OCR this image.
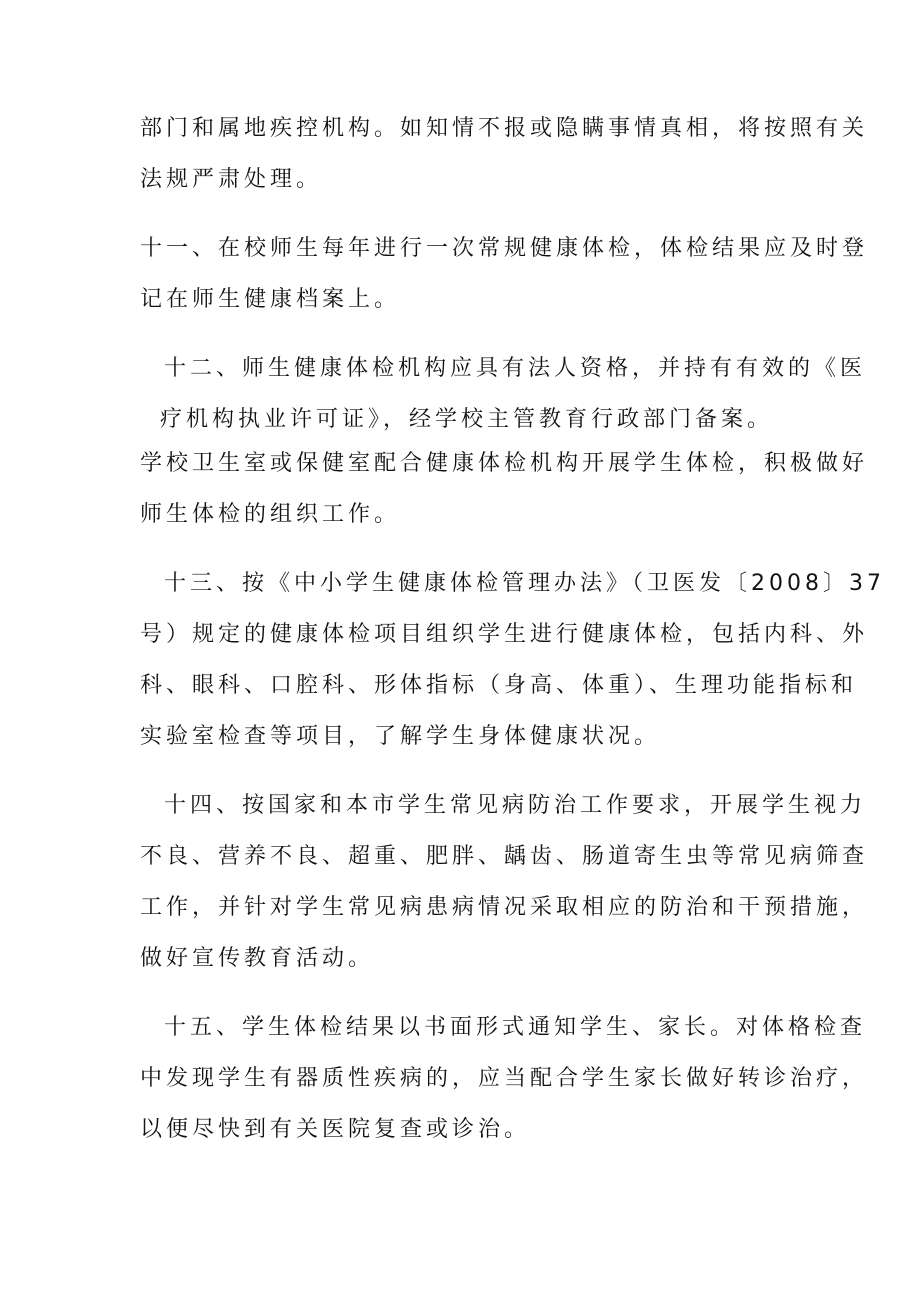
部门和属地疾控机构。如知情不报或隐瞒事情真相，将按照有关
法规严肃处理。
十一、在校师生每年进行一次常规健康体检，体检结果应及时登
记在师生健康档案上。
十二、师生健康体检机构应具有法人资格，并持有有效的《医
疗机构执业许可证》，经学校主管教育行政部门备案。
学校卫生室或保健室配合健康体检机构开展学生体检，积极做好
师生体检的组织工作。
十三、按《中小学生健康体检管理办法》（卫医发〔2008〕37
号）规定的健康体检项目组织学生进行健康体检，包括内科、外
科、眼科、口腔科、形体指标（身高、体重）、生理功能指标和
实验室检查等项目，了解学生身体健康状况。
十四、按国家和本市学生常见病防治工作要求，开展学生视力
不良、营养不良、超重、肥胖、龋齿、肠道寄生虫等常见病筛查
工作，并针对学生常见病患病情况采取相应的防治和干预措施，
做好宣传教育活动。
十五、学生体检结果以书面形式通知学生、家长。对体格检查
中发现学生有器质性疾病的，应当配合学生家长做好转诊治疗，
以便尽快到有关医院复查或诊治。
